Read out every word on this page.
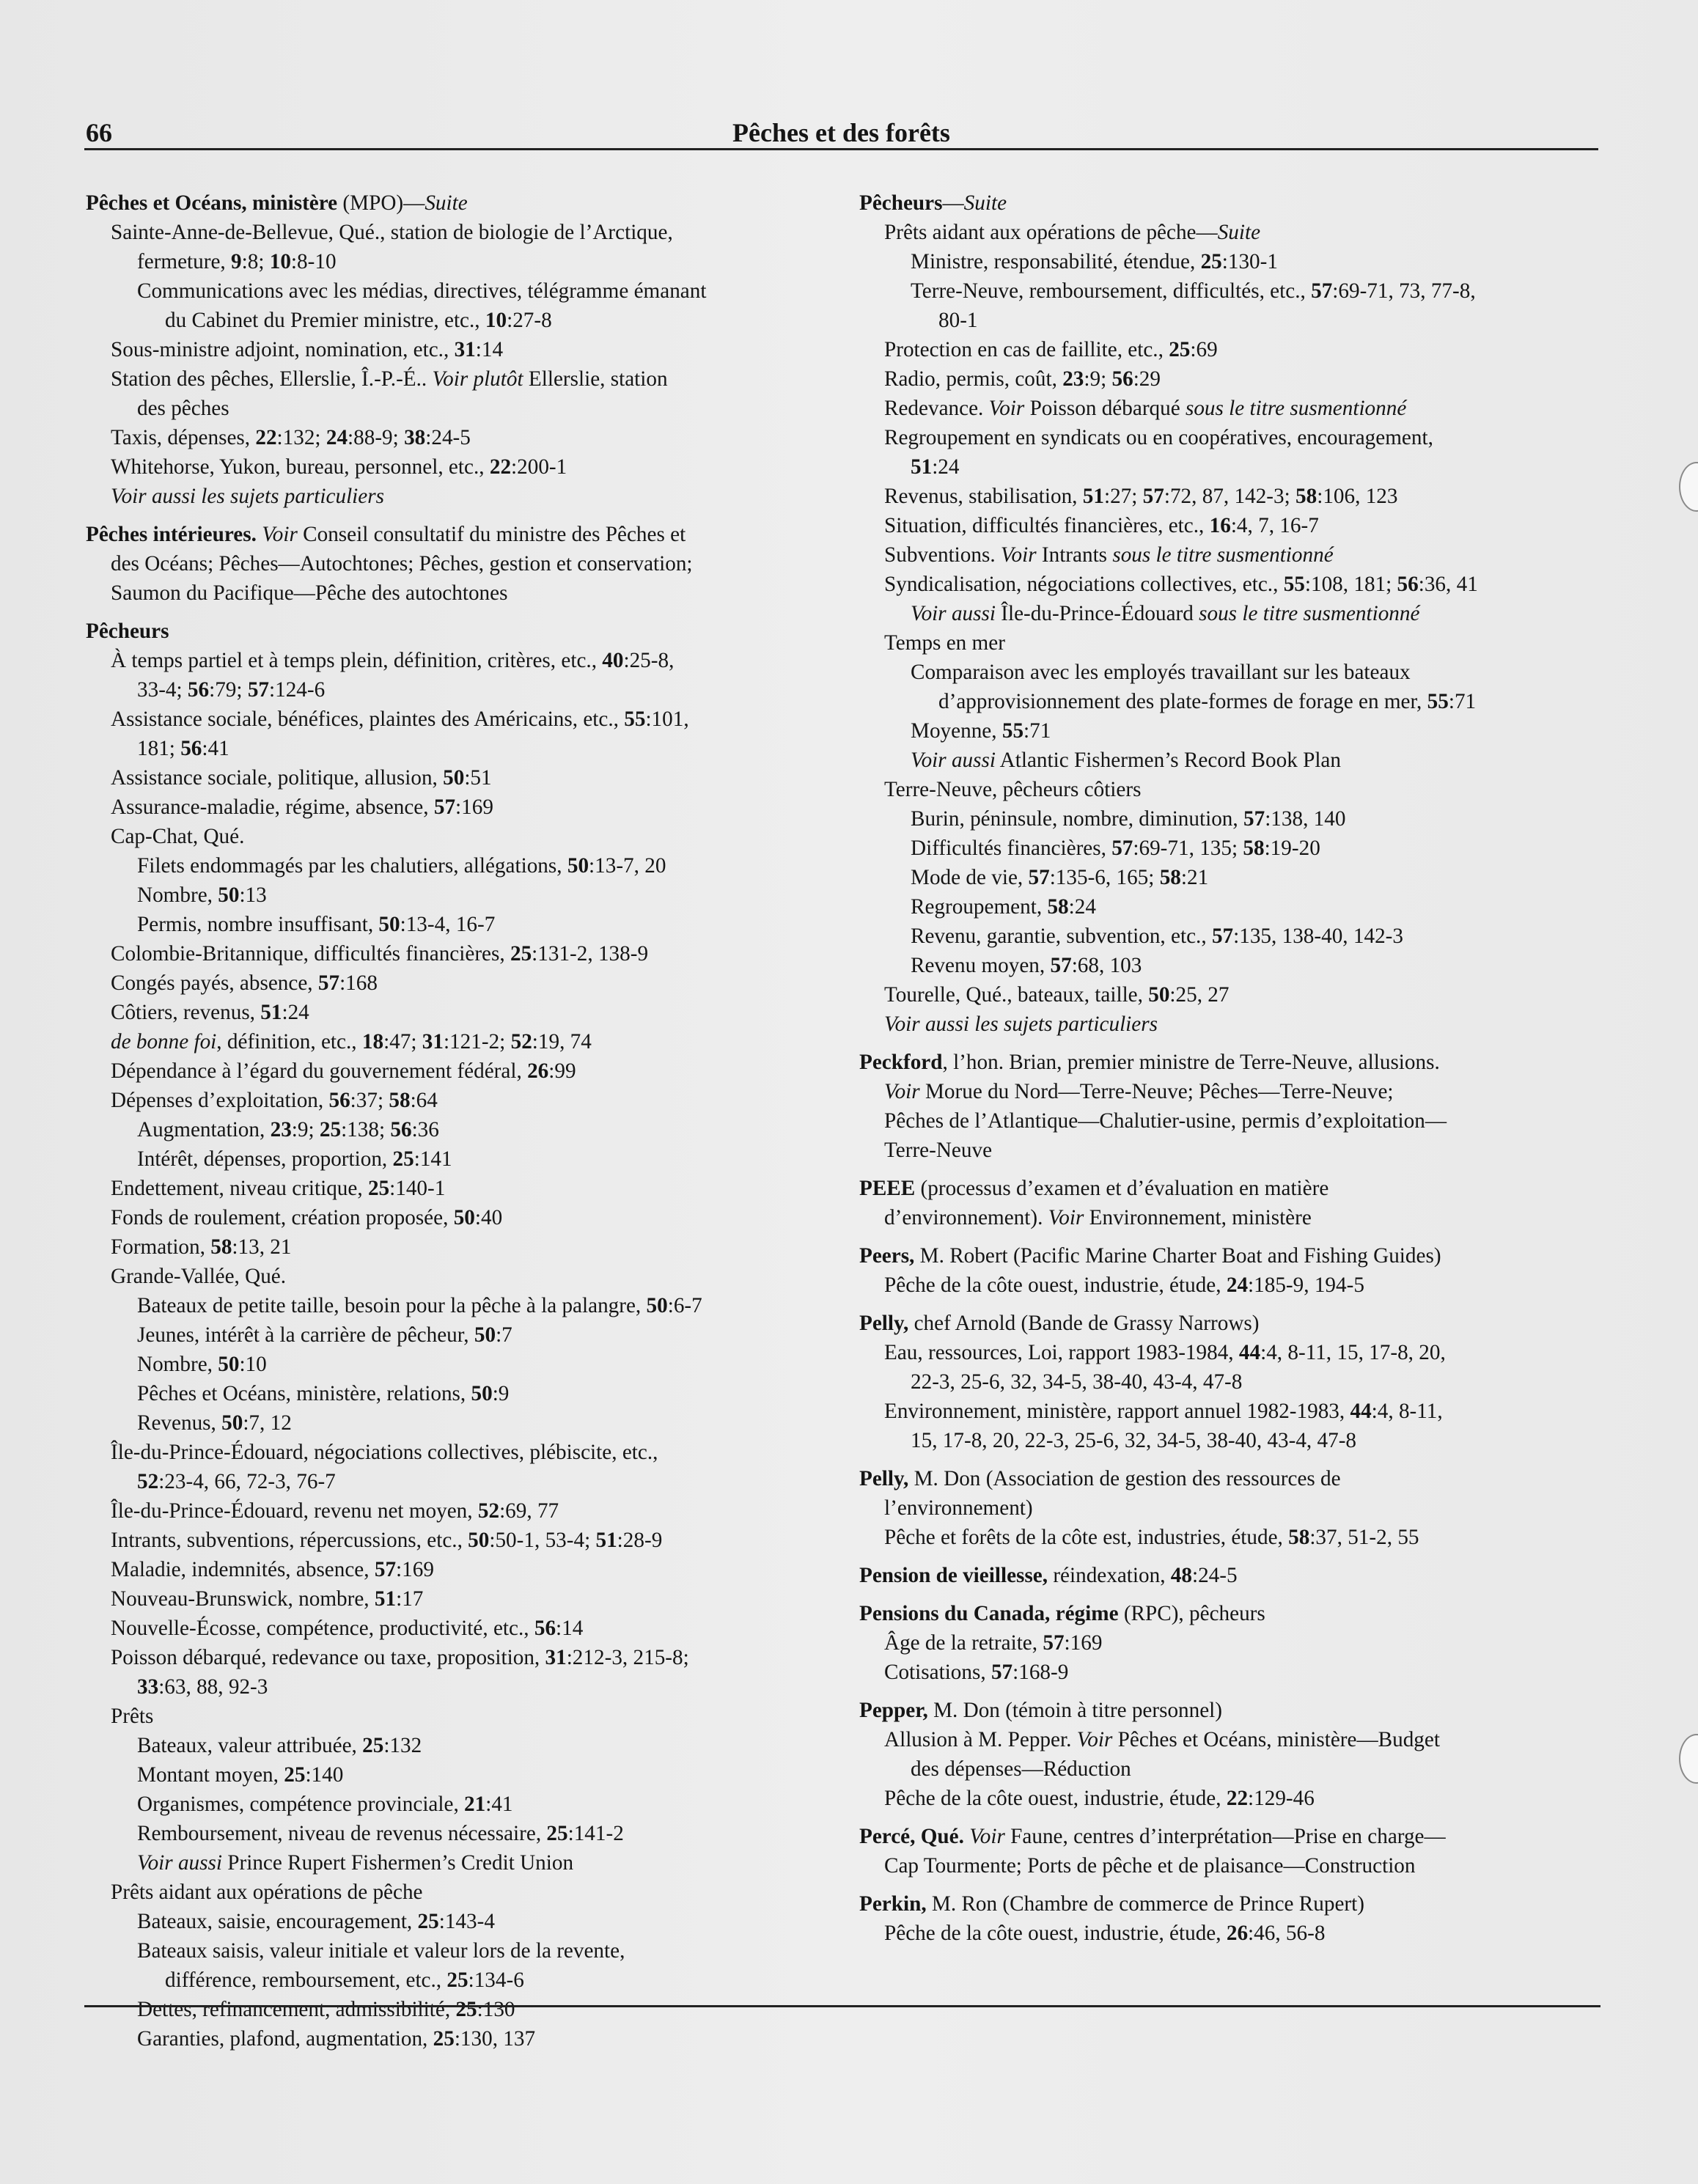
66	Pêches et des forêts
Pêches et Océans, ministère (MPO)—Suite
Sainte-Anne-de-Bellevue, Qué., station de biologie de l’Arctique,
fermeture, 9:8; 10:8-10
Communications avec les médias, directives, télégramme émanant
du Cabinet du Premier ministre, etc., 10:27-8
Sous-ministre adjoint, nomination, etc., 31:14
Station des pêches, Ellerslie, Î.-P.-É.. Voir plutôt Ellerslie, station
des pêches
Taxis, dépenses, 22:132; 24:88-9; 38:24-5
Whitehorse, Yukon, bureau, personnel, etc., 22:200-1
Voir aussi les sujets particuliers
Pêches intérieures. Voir Conseil consultatif du ministre des Pêches et
des Océans; Pêches—Autochtones; Pêches, gestion et conservation;
Saumon du Pacifique—Pêche des autochtones
Pêcheurs
À temps partiel et à temps plein, définition, critères, etc., 40:25-8,
33-4; 56:79; 57:124-6
Assistance sociale, bénéfices, plaintes des Américains, etc., 55:101,
181; 56:41
Assistance sociale, politique, allusion, 50:51
Assurance-maladie, régime, absence, 57:169
Cap-Chat, Qué.
Filets endommagés par les chalutiers, allégations, 50:13-7, 20
Nombre, 50:13
Permis, nombre insuffisant, 50:13-4, 16-7
Colombie-Britannique, difficultés financières, 25:131-2, 138-9
Congés payés, absence, 57:168
Côtiers, revenus, 51:24
de bonne foi, définition, etc., 18:47; 31:121-2; 52:19, 74
Dépendance à l’égard du gouvernement fédéral, 26:99
Dépenses d’exploitation, 56:37; 58:64
Augmentation, 23:9; 25:138; 56:36
Intérêt, dépenses, proportion, 25:141
Endettement, niveau critique, 25:140-1
Fonds de roulement, création proposée, 50:40
Formation, 58:13, 21
Grande-Vallée, Qué.
Bateaux de petite taille, besoin pour la pêche à la palangre, 50:6-7
Jeunes, intérêt à la carrière de pêcheur, 50:7
Nombre, 50:10
Pêches et Océans, ministère, relations, 50:9
Revenus, 50:7, 12
Île-du-Prince-Édouard, négociations collectives, plébiscite, etc.,
52:23-4, 66, 72-3, 76-7
Île-du-Prince-Édouard, revenu net moyen, 52:69, 77
Intrants, subventions, répercussions, etc., 50:50-1, 53-4; 51:28-9
Maladie, indemnités, absence, 57:169
Nouveau-Brunswick, nombre, 51:17
Nouvelle-Écosse, compétence, productivité, etc., 56:14
Poisson débarqué, redevance ou taxe, proposition, 31:212-3, 215-8;
33:63, 88, 92-3
Prêts
Bateaux, valeur attribuée, 25:132
Montant moyen, 25:140
Organismes, compétence provinciale, 21:41
Remboursement, niveau de revenus nécessaire, 25:141-2
Voir aussi Prince Rupert Fishermen’s Credit Union
Prêts aidant aux opérations de pêche
Bateaux, saisie, encouragement, 25:143-4
Bateaux saisis, valeur initiale et valeur lors de la revente,
différence, remboursement, etc., 25:134-6
Dettes, refinancement, admissibilité, 25:130
Garanties, plafond, augmentation, 25:130, 137
Pêcheurs—Suite
Prêts aidant aux opérations de pêche—Suite
Ministre, responsabilité, étendue, 25:130-1
Terre-Neuve, remboursement, difficultés, etc., 57:69-71, 73, 77-8,
80-1
Protection en cas de faillite, etc., 25:69
Radio, permis, coût, 23:9; 56:29
Redevance. Voir Poisson débarqué sous le titre susmentionné
Regroupement en syndicats ou en coopératives, encouragement,
51:24
Revenus, stabilisation, 51:27; 57:72, 87, 142-3; 58:106, 123
Situation, difficultés financières, etc., 16:4, 7, 16-7
Subventions. Voir Intrants sous le titre susmentionné
Syndicalisation, négociations collectives, etc., 55:108, 181; 56:36, 41
Voir aussi Île-du-Prince-Édouard sous le titre susmentionné
Temps en mer
Comparaison avec les employés travaillant sur les bateaux
d’approvisionnement des plate-formes de forage en mer, 55:71
Moyenne, 55:71
Voir aussi Atlantic Fishermen’s Record Book Plan
Terre-Neuve, pêcheurs côtiers
Burin, péninsule, nombre, diminution, 57:138, 140
Difficultés financières, 57:69-71, 135; 58:19-20
Mode de vie, 57:135-6, 165; 58:21
Regroupement, 58:24
Revenu, garantie, subvention, etc., 57:135, 138-40, 142-3
Revenu moyen, 57:68, 103
Tourelle, Qué., bateaux, taille, 50:25, 27
Voir aussi les sujets particuliers
Peckford, l’hon. Brian, premier ministre de Terre-Neuve, allusions.
Voir Morue du Nord—Terre-Neuve; Pêches—Terre-Neuve;
Pêches de l’Atlantique—Chalutier-usine, permis d’exploitation—
Terre-Neuve
PEEE (processus d’examen et d’évaluation en matière
d’environnement). Voir Environnement, ministère
Peers, M. Robert (Pacific Marine Charter Boat and Fishing Guides)
Pêche de la côte ouest, industrie, étude, 24:185-9, 194-5
Pelly, chef Arnold (Bande de Grassy Narrows)
Eau, ressources, Loi, rapport 1983-1984, 44:4, 8-11, 15, 17-8, 20,
22-3, 25-6, 32, 34-5, 38-40, 43-4, 47-8
Environnement, ministère, rapport annuel 1982-1983, 44:4, 8-11,
15, 17-8, 20, 22-3, 25-6, 32, 34-5, 38-40, 43-4, 47-8
Pelly, M. Don (Association de gestion des ressources de
l’environnement)
Pêche et forêts de la côte est, industries, étude, 58:37, 51-2, 55
Pension de vieillesse, réindexation, 48:24-5
Pensions du Canada, régime (RPC), pêcheurs
Âge de la retraite, 57:169
Cotisations, 57:168-9
Pepper, M. Don (témoin à titre personnel)
Allusion à M. Pepper. Voir Pêches et Océans, ministère—Budget
des dépenses—Réduction
Pêche de la côte ouest, industrie, étude, 22:129-46
Percé, Qué. Voir Faune, centres d’interprétation—Prise en charge—
Cap Tourmente; Ports de pêche et de plaisance—Construction
Perkin, M. Ron (Chambre de commerce de Prince Rupert)
Pêche de la côte ouest, industrie, étude, 26:46, 56-8
